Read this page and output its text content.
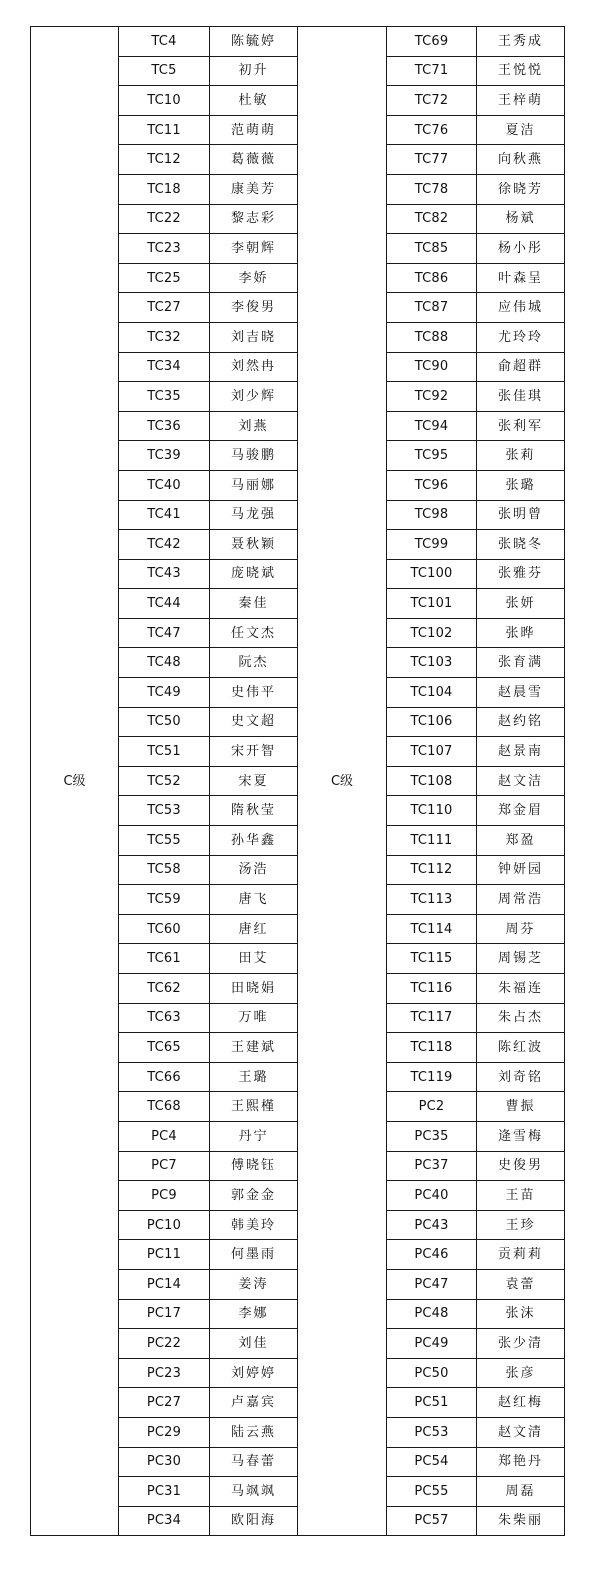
C级	TC4	陈毓婷	C级	TC69	王秀成
	TC5	初升		TC71	王悦悦
	TC10	杜敏		TC72	王梓萌
	TC11	范萌萌		TC76	夏洁
	TC12	葛薇薇		TC77	向秋燕
	TC18	康美芳		TC78	徐晓芳
	TC22	黎志彩		TC82	杨斌
	TC23	李朝辉		TC85	杨小彤
	TC25	李娇		TC86	叶森呈
	TC27	李俊男		TC87	应伟城
	TC32	刘吉晓		TC88	尤玲玲
	TC34	刘然冉		TC90	俞超群
	TC35	刘少辉		TC92	张佳琪
	TC36	刘燕		TC94	张利军
	TC39	马骏鹏		TC95	张莉
	TC40	马丽娜		TC96	张璐
	TC41	马龙强		TC98	张明曾
	TC42	聂秋颖		TC99	张晓冬
	TC43	庞晓斌		TC100	张雅芬
	TC44	秦佳		TC101	张妍
	TC47	任文杰		TC102	张晔
	TC48	阮杰		TC103	张育满
	TC49	史伟平		TC104	赵晨雪
	TC50	史文超		TC106	赵约铭
	TC51	宋开智		TC107	赵景南
	TC52	宋夏		TC108	赵文洁
	TC53	隋秋莹		TC110	郑金眉
	TC55	孙华鑫		TC111	郑盈
	TC58	汤浩		TC112	钟妍园
	TC59	唐飞		TC113	周常浩
	TC60	唐红		TC114	周芬
	TC61	田艾		TC115	周锡芝
	TC62	田晓娟		TC116	朱福连
	TC63	万唯		TC117	朱占杰
	TC65	王建斌		TC118	陈红波
	TC66	王璐		TC119	刘奇铭
	TC68	王熙槿		PC2	曹振
	PC4	丹宁		PC35	逄雪梅
	PC7	傅晓钰		PC37	史俊男
	PC9	郭金金		PC40	王苗
	PC10	韩美玲		PC43	王珍
	PC11	何墨雨		PC46	贡莉莉
	PC14	姜涛		PC47	袁蕾
	PC17	李娜		PC48	张沫
	PC22	刘佳		PC49	张少清
	PC23	刘婷婷		PC50	张彦
	PC27	卢嘉宾		PC51	赵红梅
	PC29	陆云燕		PC53	赵文清
	PC30	马春蕾		PC54	郑艳丹
	PC31	马飒飒		PC55	周磊
	PC34	欧阳海		PC57	朱柴丽
